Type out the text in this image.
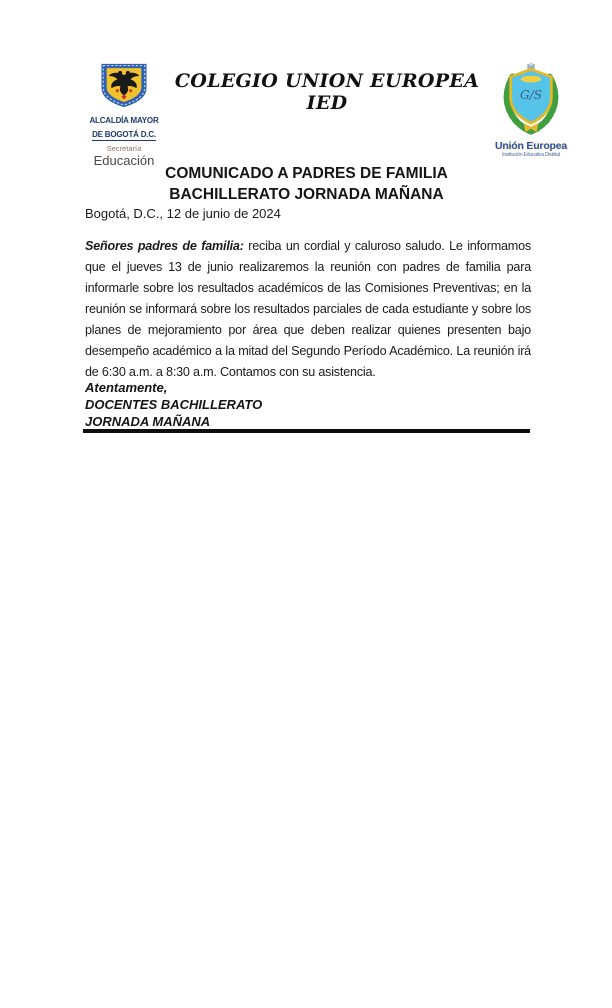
ALCALDÍA MAYOR
DE BOGOTÁ D.C.
Secretaría
Educación
COLEGIO UNION EUROPEA IED	G/S
Unión Europea
Institución Educativa Distrital
COMUNICADO A PADRES DE FAMILIA
BACHILLERATO JORNADA MAÑANA
Bogotá, D.C., 12 de junio de 2024
Señores padres de familia: reciba un cordial y caluroso saludo. Le informamos que el jueves 13 de junio realizaremos la reunión con padres de familia para informarle sobre los resultados académicos de las Comisiones Preventivas; en la reunión se informará sobre los resultados parciales de cada estudiante y sobre los planes de mejoramiento por área que deben realizar quienes presenten bajo desempeño académico a la mitad del Segundo Período Académico. La reunión irá de 6:30 a.m. a 8:30 a.m. Contamos con su asistencia.
Atentamente,
DOCENTES BACHILLERATO
JORNADA MAÑANA
